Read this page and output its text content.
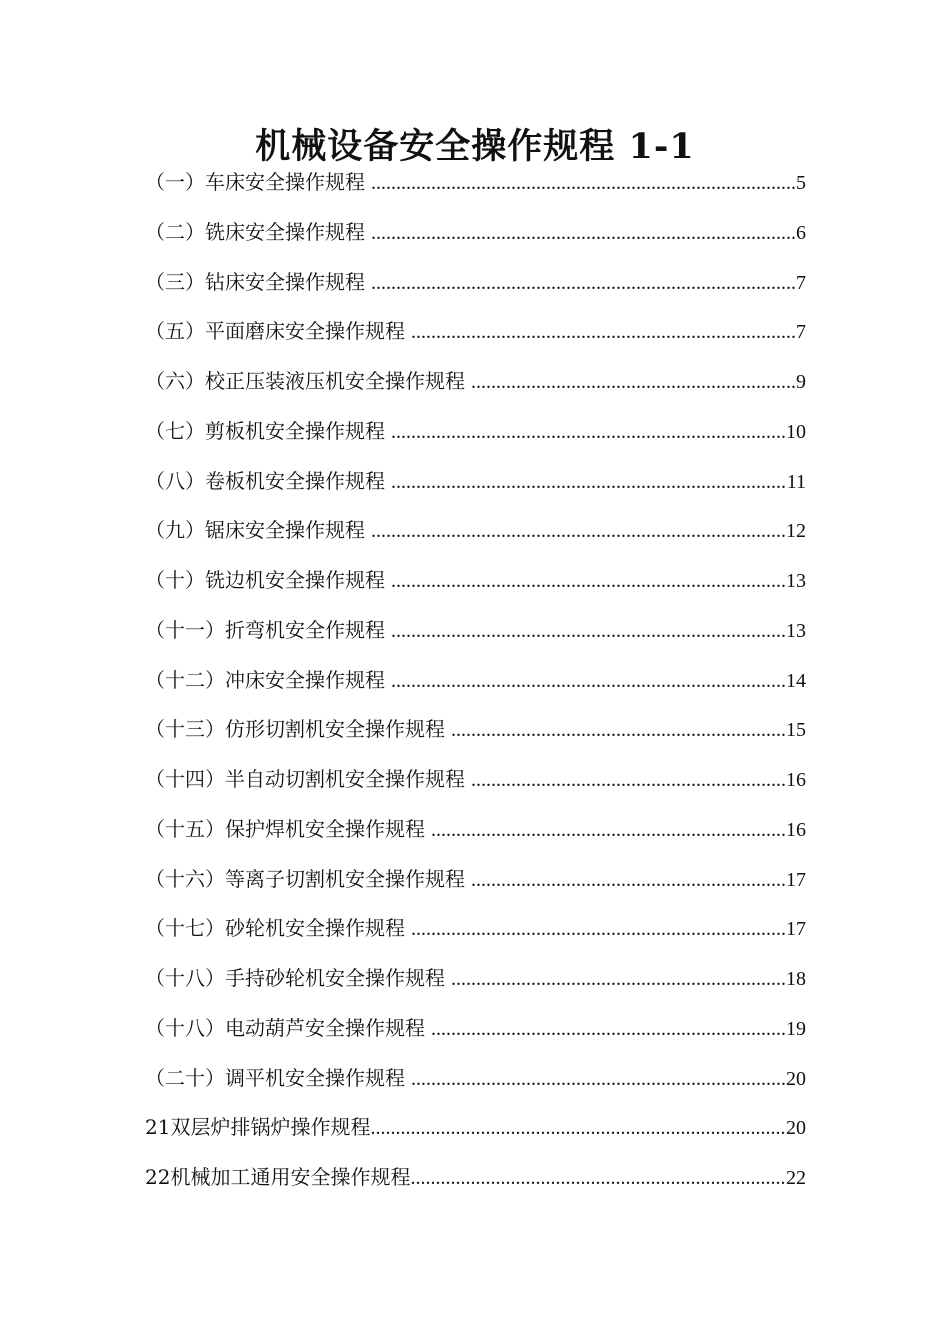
机械设备安全操作规程 1-1
（一）车床安全操作规程 .....	5
（二）铣床安全操作规程 .....	6
（三）钻床安全操作规程 .....	7
（五）平面磨床安全操作规程 .....	7
（六）校正压装液压机安全操作规程 .....	9
（七）剪板机安全操作规程 .....	10
（八）卷板机安全操作规程 .....	11
（九）锯床安全操作规程 .....	12
（十）铣边机安全操作规程 .....	13
（十一）折弯机安全作规程 .....	13
（十二）冲床安全操作规程 .....	14
（十三）仿形切割机安全操作规程 .....	15
（十四）半自动切割机安全操作规程 .....	16
（十五）保护焊机安全操作规程 .....	16
（十六）等离子切割机安全操作规程 .....	17
（十七）砂轮机安全操作规程 .....	17
（十八）手持砂轮机安全操作规程 .....	18
（十八）电动葫芦安全操作规程 .....	19
（二十）调平机安全操作规程 .....	20
21双层炉排锅炉操作规程 .....	20
22机械加工通用安全操作规程 .....	22
